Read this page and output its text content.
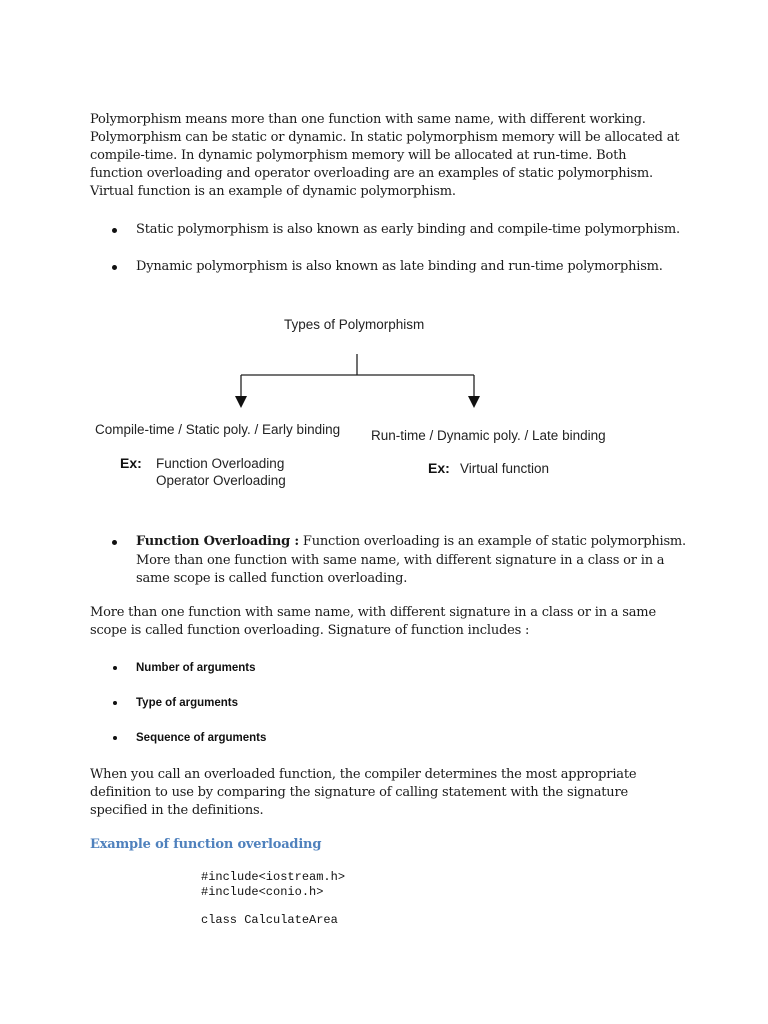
Polymorphism means more than one function with same name, with different working. Polymorphism can be static or dynamic. In static polymorphism memory will be allocated at compile-time. In dynamic polymorphism memory will be allocated at run-time. Both function overloading and operator overloading are an examples of static polymorphism. Virtual function is an example of dynamic polymorphism.

Static polymorphism is also known as early binding and compile-time polymorphism.
Dynamic polymorphism is also known as late binding and run-time polymorphism.
Types of Polymorphism
Compile-time / Static poly. / Early binding Run-time / Dynamic poly. / Late binding
Ex: Function Overloading
Operator Overloading
Ex: Virtual function
Function Overloading : Function overloading is an example of static polymorphism. More than one function with same name, with different signature in a class or in a same scope is called function overloading.

More than one function with same name, with different signature in a class or in a same scope is called function overloading. Signature of function includes :

Number of arguments
Type of arguments
Sequence of arguments

When you call an overloaded function, the compiler determines the most appropriate definition to use by comparing the signature of calling statement with the signature specified in the definitions.

Example of function overloading
#include<iostream.h>
#include<conio.h>
class CalculateArea
